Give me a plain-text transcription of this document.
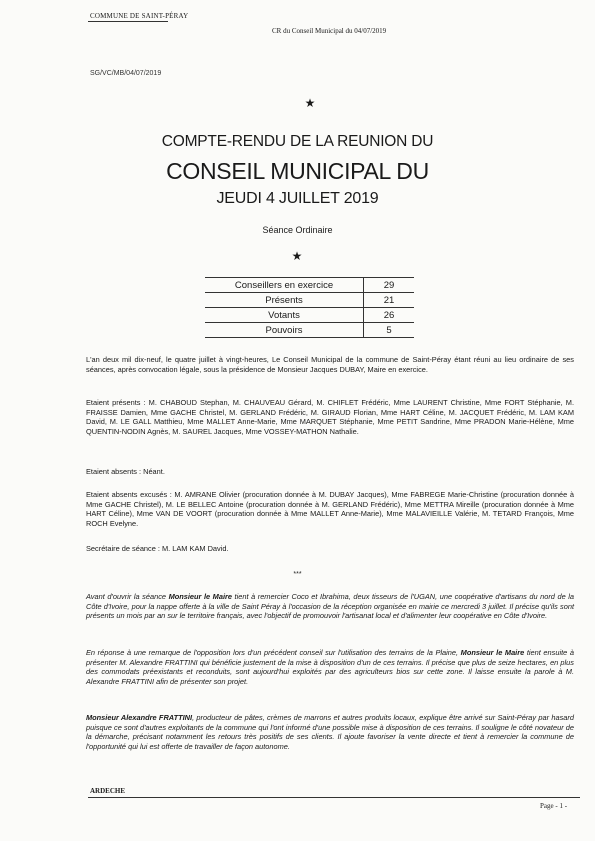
COMMUNE DE SAINT-PÉRAY
CR du Conseil Municipal du 04/07/2019
SG/VC/MB/04/07/2019
★
COMPTE-RENDU DE LA REUNION DU
CONSEIL MUNICIPAL DU
JEUDI 4 JUILLET 2019
Séance Ordinaire
★
Conseillers en exercice	29
Présents	21
Votants	26
Pouvoirs	5
L'an deux mil dix-neuf, le quatre juillet à vingt-heures, Le Conseil Municipal de la commune de Saint-Péray étant réuni au lieu ordinaire de ses séances, après convocation légale, sous la présidence de Monsieur Jacques DUBAY, Maire en exercice.
Etaient présents : M. CHABOUD Stephan, M. CHAUVEAU Gérard, M. CHIFLET Frédéric, Mme LAURENT Christine, Mme FORT Stéphanie, M. FRAISSE Damien, Mme GACHE Christel, M. GERLAND Frédéric, M. GIRAUD Florian, Mme HART Céline, M. JACQUET Frédéric, M. LAM KAM David, M. LE GALL Matthieu, Mme MALLET Anne-Marie, Mme MARQUET Stéphanie, Mme PETIT Sandrine, Mme PRADON Marie-Hélène, Mme QUENTIN-NODIN Agnès, M. SAUREL Jacques, Mme VOSSEY-MATHON Nathalie.
Etaient absents : Néant.
Etaient absents excusés : M. AMRANE Olivier (procuration donnée à M. DUBAY Jacques), Mme FABREGE Marie-Christine (procuration donnée à Mme GACHE Christel), M. LE BELLEC Antoine (procuration donnée à M. GERLAND Frédéric), Mme METTRA Mireille (procuration donnée à Mme HART Céline), Mme VAN DE VOORT (procuration donnée à Mme MALLET Anne-Marie), Mme MALAVIEILLE Valérie, M. TETARD François, Mme ROCH Evelyne.
Secrétaire de séance : M. LAM KAM David.
***
Avant d'ouvrir la séance Monsieur le Maire tient à remercier Coco et Ibrahima, deux tisseurs de l'UGAN, une coopérative d'artisans du nord de la Côte d'Ivoire, pour la nappe offerte à la ville de Saint Péray à l'occasion de la réception organisée en mairie ce mercredi 3 juillet. Il précise qu'ils sont présents un mois par an sur le territoire français, avec l'objectif de promouvoir l'artisanat local et d'alimenter leur coopérative en Côte d'Ivoire.
En réponse à une remarque de l'opposition lors d'un précédent conseil sur l'utilisation des terrains de la Plaine, Monsieur le Maire tient ensuite à présenter M. Alexandre FRATTINI qui bénéficie justement de la mise à disposition d'un de ces terrains. Il précise que plus de seize hectares, en plus des commodats préexistants et reconduits, sont aujourd'hui exploités par des agriculteurs bios sur cette zone. Il laisse ensuite la parole à M. Alexandre FRATTINI afin de présenter son projet.
Monsieur Alexandre FRATTINI, producteur de pâtes, crèmes de marrons et autres produits locaux, explique être arrivé sur Saint-Péray par hasard puisque ce sont d'autres exploitants de la commune qui l'ont informé d'une possible mise à disposition de ces terrains. Il souligne le côté novateur de la démarche, précisant notamment les retours très positifs de ses clients. Il ajoute favoriser la vente directe et tient à remercier la commune de l'opportunité qui lui est offerte de travailler de façon autonome.
ARDECHE
Page - 1 -
